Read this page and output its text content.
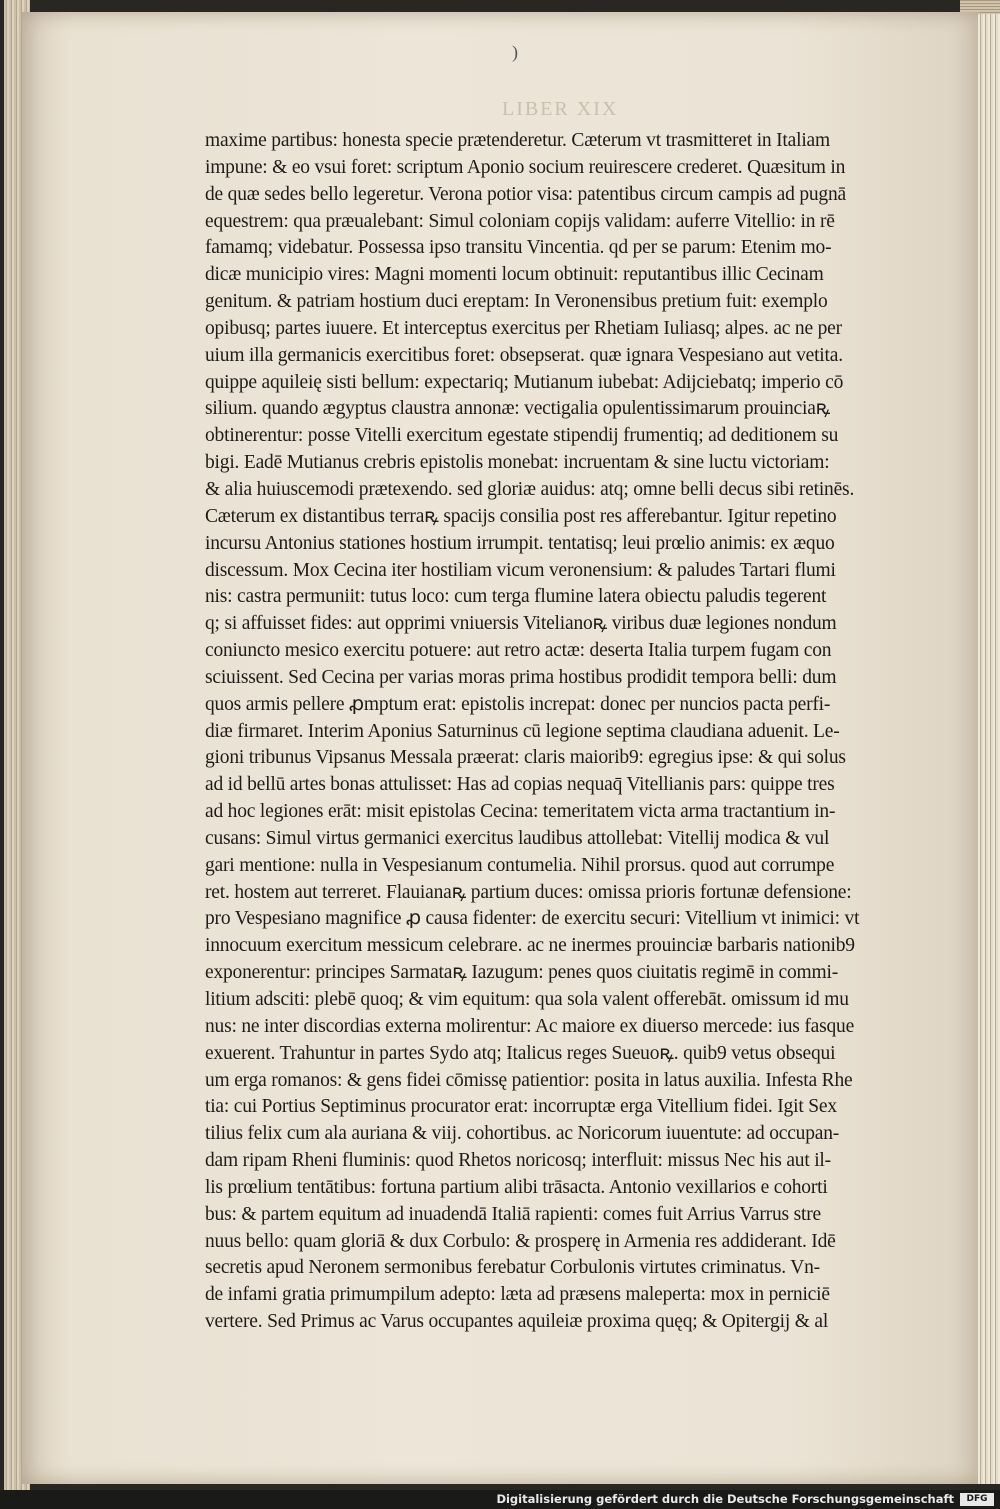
)
LIBER XIX
maxime partibus: honesta specie prætenderetur. Cæterum vt trasmitteret in Italiam
impune: & eo vsui foret: scriptum Aponio socium reuirescere crederet. Quæsitum in
de quæ sedes bello legeretur. Verona potior visa: patentibus circum campis ad pugnā
equestrem: qua præualebant: Simul coloniam copijs validam: auferre Vitellio: in rē
famamq; videbatur. Possessa ipso transitu Vincentia. qd per se parum: Etenim mo-
dicæ municipio vires: Magni momenti locum obtinuit: reputantibus illic Cecinam
genitum. & patriam hostium duci ereptam: In Veronensibus pretium fuit: exemplo
opibusq; partes iuuere. Et interceptus exercitus per Rhetiam Iuliasq; alpes. ac ne per
uium illa germanicis exercitibus foret: obsepserat. quæ ignara Vespesiano aut vetita.
quippe aquileię sisti bellum: expectariq; Mutianum iubebat: Adijciebatq; imperio cō
silium. quando ægyptus claustra annonæ: vectigalia opulentissimarum prouinciaꝶ
obtinerentur: posse Vitelli exercitum egestate stipendij frumentiq; ad deditionem su
bigi. Eadē Mutianus crebris epistolis monebat: incruentam & sine luctu victoriam:
& alia huiuscemodi prætexendo. sed gloriæ auidus: atq; omne belli decus sibi retinēs.
Cæterum ex distantibus terraꝶ spacijs consilia post res afferebantur. Igitur repetino
incursu Antonius stationes hostium irrumpit. tentatisq; leui prœlio animis: ex æquo
discessum. Mox Cecina iter hostiliam vicum veronensium: & paludes Tartari flumi
nis: castra permuniit: tutus loco: cum terga flumine latera obiectu paludis tegerent
q; si affuisset fides: aut opprimi vniuersis Vitelianoꝶ viribus duæ legiones nondum
coniuncto mesico exercitu potuere: aut retro actæ: deserta Italia turpem fugam con
sciuissent. Sed Cecina per varias moras prima hostibus prodidit tempora belli: dum
quos armis pellere ꝓmptum erat: epistolis increpat: donec per nuncios pacta perfi-
diæ firmaret. Interim Aponius Saturninus cū legione septima claudiana aduenit. Le-
gioni tribunus Vipsanus Messala præerat: claris maiorib9: egregius ipse: & qui solus
ad id bellū artes bonas attulisset: Has ad copias nequaq̄ Vitellianis pars: quippe tres
ad hoc legiones erāt: misit epistolas Cecina: temeritatem victa arma tractantium in-
cusans: Simul virtus germanici exercitus laudibus attollebat: Vitellij modica & vul
gari mentione: nulla in Vespesianum contumelia. Nihil prorsus. quod aut corrumpe
ret. hostem aut terreret. Flauianaꝶ partium duces: omissa prioris fortunæ defensione:
pro Vespesiano magnifice ꝓ causa fidenter: de exercitu securi: Vitellium vt inimici: vt
innocuum exercitum messicum celebrare. ac ne inermes prouinciæ barbaris nationib9
exponerentur: principes Sarmataꝶ Iazugum: penes quos ciuitatis regimē in commi-
litium adsciti: plebē quoq; & vim equitum: qua sola valent offerebāt. omissum id mu
nus: ne inter discordias externa molirentur: Ac maiore ex diuerso mercede: ius fasque
exuerent. Trahuntur in partes Sydo atq; Italicus reges Sueuoꝶ. quib9 vetus obsequi
um erga romanos: & gens fidei cōmissę patientior: posita in latus auxilia. Infesta Rhe
tia: cui Portius Septiminus procurator erat: incorruptæ erga Vitellium fidei. Igit Sex
tilius felix cum ala auriana & viij. cohortibus. ac Noricorum iuuentute: ad occupan-
dam ripam Rheni fluminis: quod Rhetos noricosq; interfluit: missus Nec his aut il-
lis prœlium tentātibus: fortuna partium alibi trāsacta. Antonio vexillarios e cohorti
bus: & partem equitum ad inuadendā Italiā rapienti: comes fuit Arrius Varrus stre
nuus bello: quam gloriā & dux Corbulo: & prosperę in Armenia res addiderant. Idē
secretis apud Neronem sermonibus ferebatur Corbulonis virtutes criminatus. Vn-
de infami gratia primumpilum adepto: læta ad præsens maleperta: mox in perniciē
vertere. Sed Primus ac Varus occupantes aquileiæ proxima quęq; & Opitergij & al
Digitalisierung gefördert durch die Deutsche Forschungsgemeinschaft	DFG
